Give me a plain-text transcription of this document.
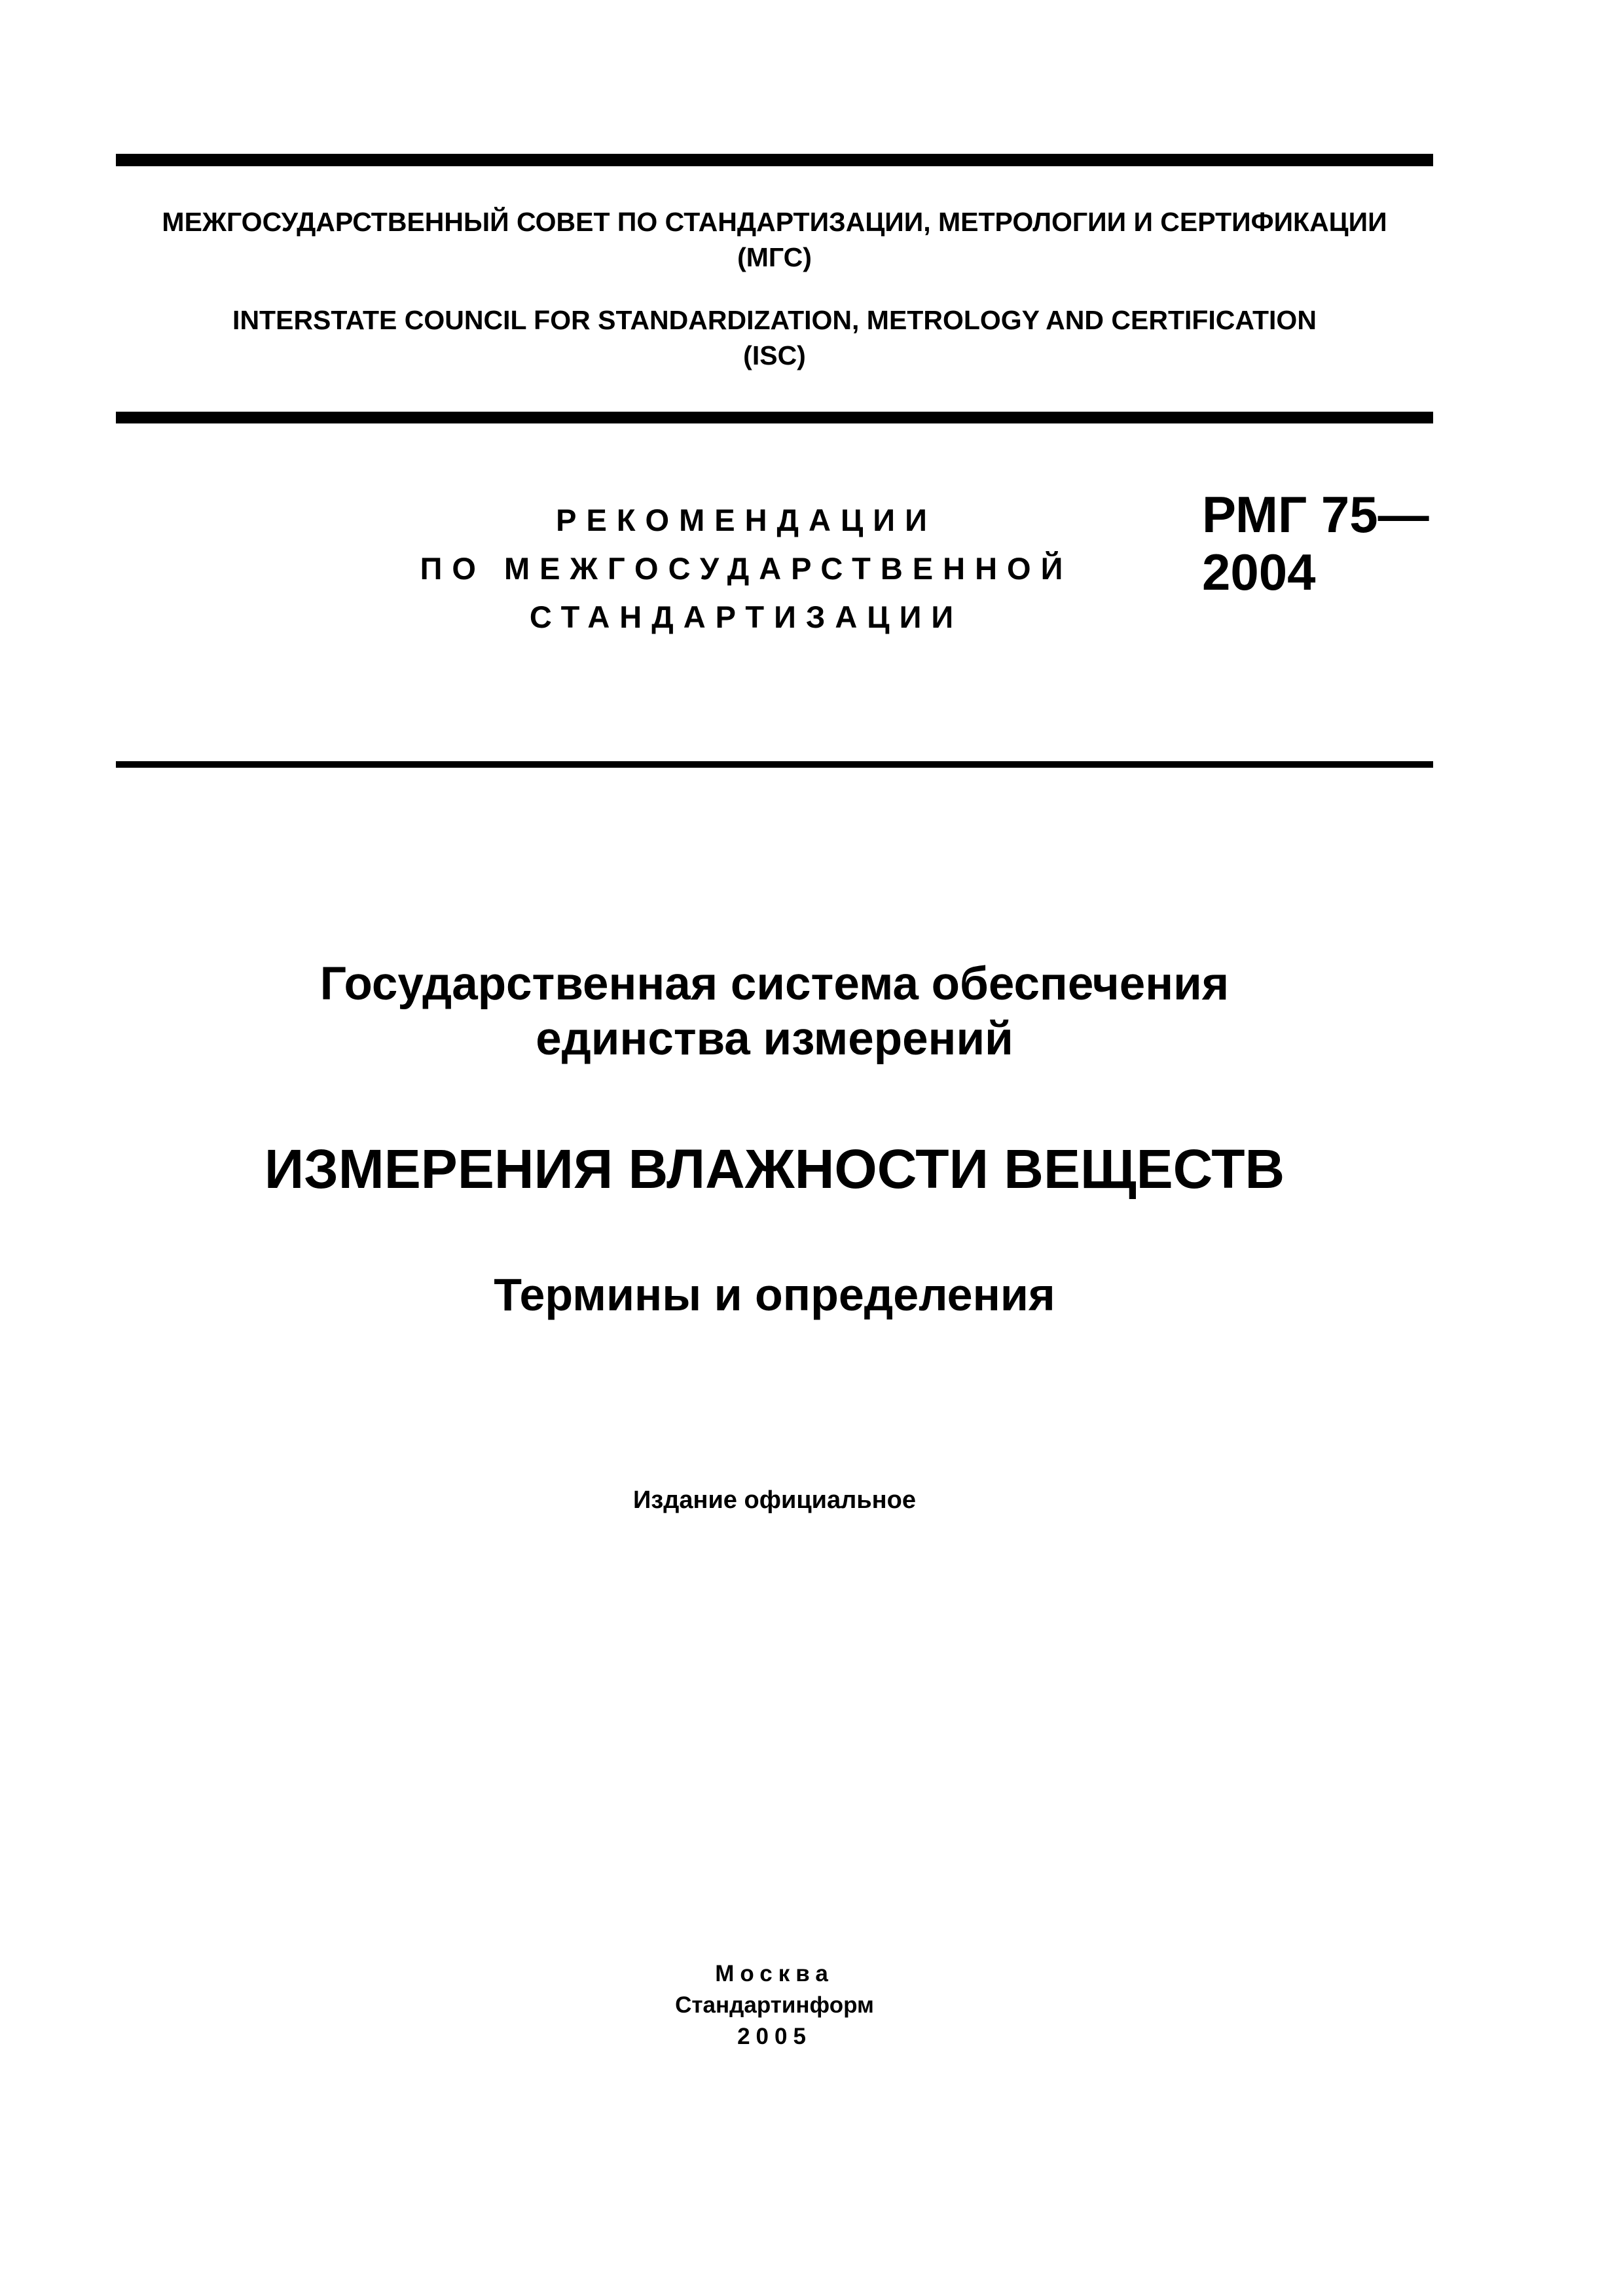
МЕЖГОСУДАРСТВЕННЫЙ СОВЕТ ПО СТАНДАРТИЗАЦИИ, МЕТРОЛОГИИ И СЕРТИФИКАЦИИ
(МГС)
INTERSTATE COUNCIL FOR STANDARDIZATION, METROLOGY AND CERTIFICATION
(ISC)
РЕКОМЕНДАЦИИ
ПО МЕЖГОСУДАРСТВЕННОЙ
СТАНДАРТИЗАЦИИ
РМГ 75—
2004
Государственная система обеспечения
единства измерений
ИЗМЕРЕНИЯ ВЛАЖНОСТИ ВЕЩЕСТВ
Термины и определения
Издание официальное
Москва
Стандартинформ
2005
